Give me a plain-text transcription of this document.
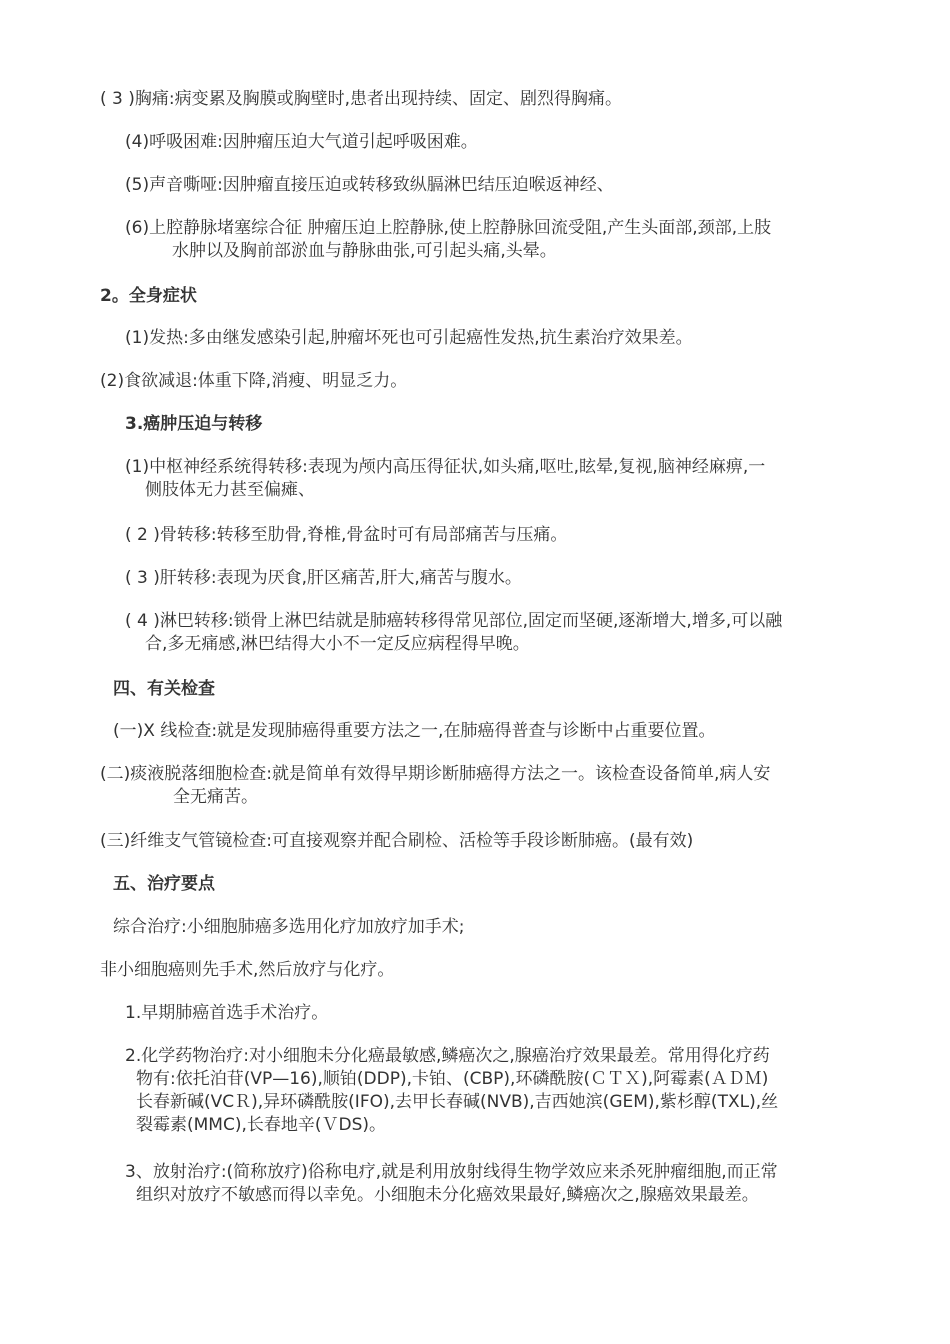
( 3 )胸痛:病变累及胸膜或胸壁时,患者出现持续、固定、剧烈得胸痛。
(4)呼吸困难:因肿瘤压迫大气道引起呼吸困难。
(5)声音嘶哑:因肿瘤直接压迫或转移致纵膈淋巴结压迫喉返神经、
(6)上腔静脉堵塞综合征 肿瘤压迫上腔静脉,使上腔静脉回流受阻,产生头面部,颈部,上肢
水肿以及胸前部淤血与静脉曲张,可引起头痛,头晕。
2。全身症状
(1)发热:多由继发感染引起,肿瘤坏死也可引起癌性发热,抗生素治疗效果差。
(2)食欲减退:体重下降,消瘦、明显乏力。
3.癌肿压迫与转移
(1)中枢神经系统得转移:表现为颅内高压得征状,如头痛,呕吐,眩晕,复视,脑神经麻痹,一
侧肢体无力甚至偏瘫、
( 2 )骨转移:转移至肋骨,脊椎,骨盆时可有局部痛苦与压痛。
( 3 )肝转移:表现为厌食,肝区痛苦,肝大,痛苦与腹水。
( 4 )淋巴转移:锁骨上淋巴结就是肺癌转移得常见部位,固定而坚硬,逐渐增大,增多,可以融
合,多无痛感,淋巴结得大小不一定反应病程得早晚。
四、有关检查
(一)X 线检查:就是发现肺癌得重要方法之一,在肺癌得普查与诊断中占重要位置。
(二)痰液脱落细胞检查:就是简单有效得早期诊断肺癌得方法之一。该检查设备简单,病人安
全无痛苦。
(三)纤维支气管镜检查:可直接观察并配合刷检、活检等手段诊断肺癌。(最有效)
五、治疗要点
综合治疗:小细胞肺癌多选用化疗加放疗加手术;
非小细胞癌则先手术,然后放疗与化疗。
1.早期肺癌首选手术治疗。
2.化学药物治疗:对小细胞未分化癌最敏感,鳞癌次之,腺癌治疗效果最差。常用得化疗药
物有:依托泊苷(VP—16),顺铂(DDP),卡铂、(CBP),环磷酰胺(ＣＴＸ),阿霉素(ＡＤＭ)
长春新碱(VCＲ),异环磷酰胺(IFO),去甲长春碱(NVB),吉西她滨(GEM),紫杉醇(TXL),丝
裂霉素(MMC),长春地辛(ＶDS)。
3、放射治疗:(简称放疗)俗称电疗,就是利用放射线得生物学效应来杀死肿瘤细胞,而正常
组织对放疗不敏感而得以幸免。小细胞未分化癌效果最好,鳞癌次之,腺癌效果最差。
